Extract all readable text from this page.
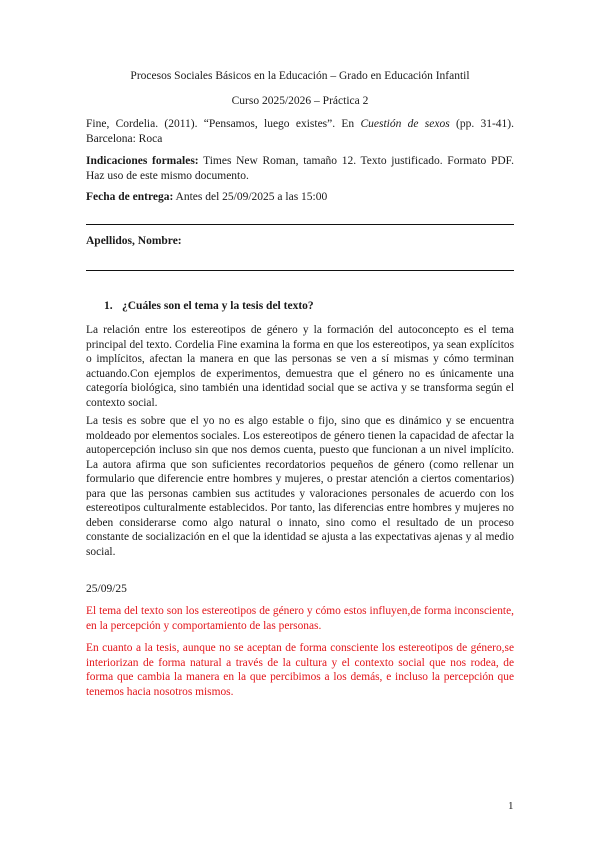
Procesos Sociales Básicos en la Educación – Grado en Educación Infantil
Curso 2025/2026 – Práctica 2

Fine, Cordelia. (2011). “Pensamos, luego existes”. En Cuestión de sexos (pp. 31-41). Barcelona: Roca

Indicaciones formales: Times New Roman, tamaño 12. Texto justificado. Formato PDF. Haz uso de este mismo documento.

Fecha de entrega: Antes del 25/09/2025 a las 15:00

Apellidos, Nombre:
1. ¿Cuáles son el tema y la tesis del texto?

La relación entre los estereotipos de género y la formación del autoconcepto es el tema principal del texto. Cordelia Fine examina la forma en que los estereotipos, ya sean explícitos o implícitos, afectan la manera en que las personas se ven a sí mismas y cómo terminan actuando.Con ejemplos de experimentos, demuestra que el género no es únicamente una categoría biológica, sino también una identidad social que se activa y se transforma según el contexto social.

La tesis es sobre que el yo no es algo estable o fijo, sino que es dinámico y se encuentra moldeado por elementos sociales. Los estereotipos de género tienen la capacidad de afectar la autopercepción incluso sin que nos demos cuenta, puesto que funcionan a un nivel implícito. La autora afirma que son suficientes recordatorios pequeños de género (como rellenar un formulario que diferencie entre hombres y mujeres, o prestar atención a ciertos comentarios) para que las personas cambien sus actitudes y valoraciones personales de acuerdo con los estereotipos culturalmente establecidos. Por tanto, las diferencias entre hombres y mujeres no deben considerarse como algo natural o innato, sino como el resultado de un proceso constante de socialización en el que la identidad se ajusta a las expectativas ajenas y al medio social.

25/09/25

El tema del texto son los estereotipos de género y cómo estos influyen,de forma inconsciente, en la percepción y comportamiento de las personas.

En cuanto a la tesis, aunque no se aceptan de forma consciente los estereotipos de género,se interiorizan de forma natural a través de la cultura y el contexto social que nos rodea, de forma que cambia la manera en la que percibimos a los demás, e incluso la percepción que tenemos hacia nosotros mismos.

1
